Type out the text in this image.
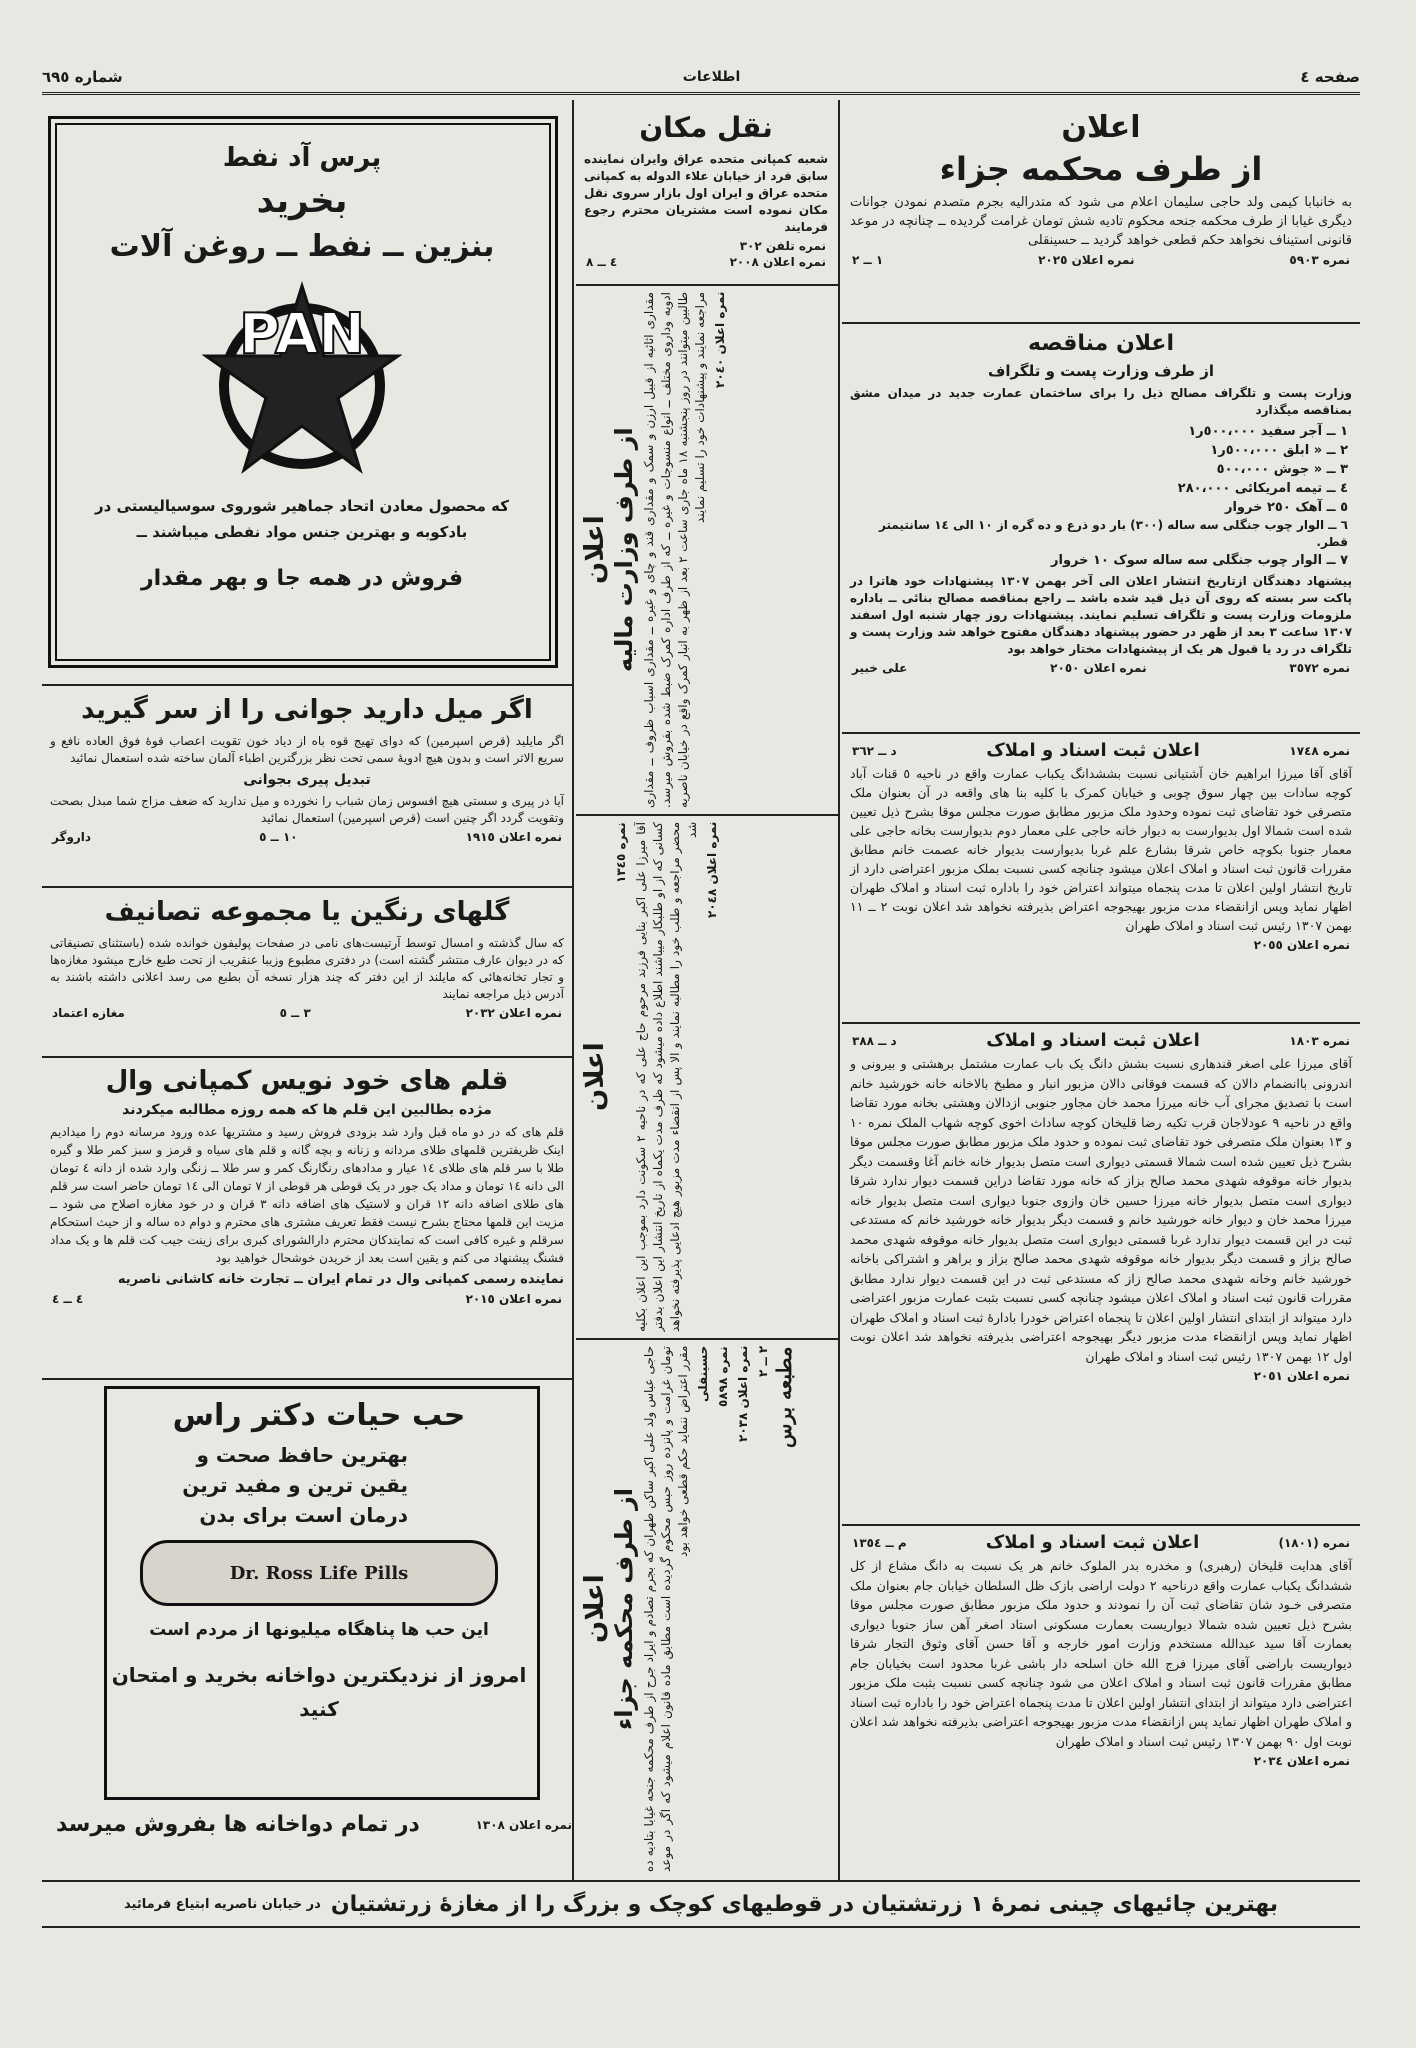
صفحه ٤
اطلاعات
شماره ٦٩٥

اعلان

از طرف محکمه جزاء

به خانبابا کیمی ولد حاجی سلیمان اعلام می شود که متدرالیه بجرم متصدم نمودن جوانات دیگری غیابا از طرف محکمه جنحه محکوم تادیه شش تومان غرامت گردیده ــ چنانچه در موعد قانونی استیناف نخواهد حکم قطعی خواهد گردید ــ حسینقلی

نمره ٥٩٠٣
نمره اعلان ٢٠٢٥
١ ــ ٢

اعلان مناقصه

از طرف وزارت پست و تلگراف

وزارت پست و تلگراف مصالح ذیل را برای ساختمان عمارت جدید در میدان مشق بمناقصه میگذارد

١ ــ آجر سفید ٥٠٠،٠٠٠ر١
٢ ــ « ابلق ٥٠٠،٠٠٠ر١
٣ ــ « جوش ٥٠٠،٠٠٠
٤ ــ تیمه امریکائی ٢٨٠،٠٠٠
٥ ــ آهک ٢٥٠ خروار
٦ ــ الوار چوب جنگلی سه ساله (٣٠٠) بار دو ذرع و ده گره از ١٠ الی ١٤ سانتیمتر قطر.
٧ ــ الوار چوب جنگلی سه ساله سوک ١٠ خروار

پیشنهاد دهندگان ازتاریخ انتشار اعلان الی آخر بهمن ١٣٠٧ پیشنهادات خود هاترا در پاکت سر بسته که روی آن ذیل قید شده باشد ــ راجع بمناقصه مصالح بنائی ــ باداره ملزومات وزارت پست و تلگراف تسلیم نمایند. پیشنهادات روز چهار شنبه اول اسفند ١٣٠٧ ساعت ٣ بعد از ظهر در حضور پیشنهاد دهندگان مفتوح خواهد شد وزارت پست و تلگراف در رد یا قبول هر یک از پیشنهادات مختار خواهد بود

نمره ٣٥٧٢
نمره اعلان ٢٠٥٠
علی خبیر
نمره ١٧٤٨
اعلان ثبت اسناد و املاک
د ــ ٣٦٢

آقای آقا میرزا ابراهیم خان آشتیانی نسبت بششدانگ یکباب عمارت واقع در ناحیه ٥ قنات آباد کوچه سادات بین چهار سوق چوبی و خیابان کمرک با کلیه بنا های واقعه در آن بعنوان ملک متصرفی خود تقاضای ثبت نموده وحدود ملک مزبور مطابق صورت مجلس موقا بشرح ذیل تعیین شده است شمالا اول بدیوارست به دیوار خانه حاجی علی معمار دوم بدیوارست بخانه حاجی علی معمار جنوبا بکوچه خاص شرقا بشارع علم غربا بدیوارست بدیوار خانه عصمت خانم مطابق مقررات قانون ثبت اسناد و املاک اعلان میشود چنانچه کسی نسبت بملک مزبور اعتراضی دارد از تاریخ انتشار اولین اعلان تا مدت پنجماه میتواند اعتراض خود را باداره ثبت اسناد و املاک طهران اظهار نماید وپس ازانقضاء مدت مزبور بهیجوجه اعتراض بذیرفته نخواهد شد اعلان نوبت ٢ ــ ١١ بهمن ١٣٠٧ رئیس ثبت اسناد و املاک طهران

نمره اعلان ٢٠٥٥
نمره ١٨٠٣
اعلان ثبت اسناد و املاک
د ــ ٣٨٨

آقای میرزا علی اصغر قندهاری نسبت بشش دانگ یک باب عمارت مشتمل برهشتی و بیرونی و اندرونی باانضمام دالان که قسمت فوقانی دالان مزبور انبار و مطبخ بالاخانه خانه خورشید خانم است با تصدیق مجرای آب خانه میرزا محمد خان مجاور جنوبی ازدالان وهشتی بخانه مورد تقاضا واقع در ناحیه ٩ عودلاجان قرب تکیه رضا قلیخان کوچه ساداث اخوی کوچه شهاب الملک نمره ١٠ و ١٣ بعنوان ملک متصرفی خود تقاضای ثبت نموده و حدود ملک مزبور مطابق صورت مجلس موقا بشرح ذیل تعیین شده است شمالا قسمتی دیواری است متصل بدیوار خانه خانم آغا وقسمت دیگر بدیوار خانه موقوفه شهدی محمد صالح بزاز که خانه مورد تقاضا دراین قسمت دیوار ندارد شرقا دیواری است متصل بدیوار خانه میرزا حسین خان وازوی جنوبا دیواری است متصل بدیوار خانه میرزا محمد خان و دیوار خانه خورشید خانم و قسمت دیگر بدیوار خانه خورشید خانم که مستدعی ثبت در این قسمت دیوار ندارد غربا قسمتی دیواری است متصل بدیوار خانه موقوفه شهدی محمد صالح بزاز و قسمت دیگر بدیوار خانه موقوفه شهدی محمد صالح بزاز و براهر و اشتراکی باخانه خورشید خانم وخانه شهدی محمد صالح زاز که مستدعی ثبت در این قسمت دیوار ندارد مطابق مقررات قانون ثبت اسناد و املاک اعلان میشود چنانچه کسی نسبت بثبت عمارت مزبور اعتراضی دارد میتواند از ابتدای انتشار اولین اعلان تا پنجماه اعتراض خودرا بادارهٔ ثبت اسناد و املاک طهران اظهار نماید وپس ازانقضاء مدت مزبور دیگر بهیجوجه اعتراضی بذیرفته نخواهد شد اعلان نوبت اول ١٢ بهمن ١٣٠٧ رئیس ثبت اسناد و املاک طهران

نمره اعلان ٢٠٥١
نمره (١٨٠١)
اعلان ثبت اسناد و املاک
م ــ ١٣٥٤

آقای هدایت قلیخان (رهبری) و مخدره بدر الملوک خانم هر یک نسبت به دانگ مشاع از کل ششدانگ یکباب عمارت واقع درناحیه ٢ دولت اراضی بازک ظل السلطان خیابان جام بعنوان ملک متصرفی خـود شان تقاضای ثبت آن را نمودند و حدود ملک مزبور مطابق صورت مجلس موقا بشرح ذیل تعیین شده شمالا دیواریست بعمارت مسکونی استاد اصغر آهن ساز جنوبا دیواری بعمارت آقا سید عبدالله مستخدم وزارت امور خارجه و آقا حسن آقای وثوق التجار شرقا دیواریست باراضی آقای میرزا فرج الله خان اسلحه دار باشی غربا محدود است بخیابان جام مطابق مقررات قانون ثبت اسناد و املاک اعلان می شود چنانچه کسی نسبت بثبت ملک مزبور اعتراضی دارد میتواند از ابتدای انتشار اولین اعلان تا مدت پنجماه اعتراض خود را باداره ثبت اسناد و املاک طهران اظهار نماید پس ازانقضاء مدت مزبور بهیجوجه اعتراضی بذیرفته نخواهد شد اعلان نوبت اول ٩٠ بهمن ١٣٠٧ رئیس ثبت اسناد و املاک طهران

نمره اعلان ٢٠٣٤

نقل مکان

شعبه کمپانی متحده عراق وایران نماینده سابق فرد از خیابان علاء الدوله به کمپانی متحده عراق و ایران اول بازار سروی نقل مکان نموده است مشتریان محترم رجوع فرمایند

نمره تلفن ٣٠٢
نمره اعلان ٢٠٠٨
٤ ــ ٨

اعلان از طرف وزارت مالیه مقداری اثاثیه از قبیل ارزن و سمک و مقداری قند و چای و غیره ــ مقداری اسباب ظروف ــ مقداری ادویه وداروی مختلف ــ انواع منسوجات و غیره ــ که از طرف اداره کمرک ضبط شده بفروش میرسد. طالبین میتوانند در روز پنجشنبه ١٨ ماه جاری ساعت ٢ بعد از ظهر به انبار کمرک واقع در خیابان ناصریه مراجعه نمایند و پیشنهادات خود را تسلیم نمایند نمره اعلان ٢٠٤٠

اعلان

نمره ١٣٤٥

آقا میرزا علی اکبر بنایی فرزند مرحوم حاج علی که در ناحیه ٢ سکونت دارد بموجب این اعلان بکلیه کسانی که از او طلبکار میباشند اطلاع داده میشود که ظرف مدت یکماه از تاریخ انتشار این اعلان بدفتر محضر مراجعه و طلب خود را مطالبه نمایند و الا پس از انقضاء مدت مزبور هیچ ادعایی پذیرفته نخواهد شد

نمره اعلان ٢٠٤٨

اعلان از طرف محکمه جزاء حاجی عباس ولد علی اکبر ساکن طهران که بجرم تصادم و ایراد جرح از طرف محکمه جنحه غیابا بتادیه ده تومان غرامت و پانزده روز حبس محکوم گردیده است مطابق ماده قانون اعلام میشود که اگر در موعد مقرر اعتراض ننماید حکم قطعی خواهد بود حسینقلی نمره ٥٨٩٨

نمره اعلان ٢٠٣٨ ٢ ــ ٢ مطبعه برس

پرس آد نفط

بخرید

بنزین ــ نفط ــ روغن آلات

PAN

که محصول معادن اتحاد جماهیر شوروی سوسیالیستی در بادکوبه و بهترین جنس مواد نفطی میباشند ــ

فروش در همه جا و بهر مقدار

اگر میل دارید جوانی را از سر گیرید

اگر مایلید (قرص اسپرمین) که دوای تهیج قوه باه از دیاد خون تقویت اعصاب قوهٔ فوق العاده نافع و سریع الاثر است و بدون هیچ ادویهٔ سمی تحت نظر بزرگترین اطباء آلمان ساخته شده استعمال نمائید

تبدیل پیری بجوانی

آیا در پیری و سستی هیچ افسوس زمان شباب را نخورده و میل ندارید که ضعف مزاج شما مبدل بصحت وتقویت گردد اگر چنین است (قرص اسپرمین) استعمال نمائید

نمره اعلان ١٩١٥
١٠ ــ ٥
داروگر

گلهای رنگین یا مجموعه تصانیف

که سال گذشته و امسال توسط آرتیست‌های نامی در صفحات پولیفون خوانده شده (باستثنای تصنیفاتی که در دیوان عارف منتشر گشته است) در دفتری مطبوع وزیبا عنقریب از تحت طبع خارج میشود مغازه‌ها و تجار تخانه‌هائی که مایلند از این دفتر که چند هزار نسخه آن بطبع می رسد اعلانی داشته باشند به آدرس ذیل مراجعه نمایند

نمره اعلان ٢٠٣٢
٣ ــ ٥
مغازه اعتماد

قلم های خود نویس کمپانی وال

مژده بطالبین این قلم ها که همه روزه مطالبه میکردند

قلم های که در دو ماه قبل وارد شد بزودی فروش رسید و مشتریها عده ورود مرسانه دوم را میدادیم اینک ظریفترین قلمهای طلای مردانه و زنانه و بچه گانه و قلم های سیاه و قرمز و سبز کمر طلا و گیره طلا با سر قلم های طلای ١٤ عیار و مدادهای رنگارنگ کمر و سر طلا ــ زنگی وارد شده از دانه ٤ تومان الی دانه ١٤ تومان و مداد یک جور در یک قوطی هر قوطی از ٧ تومان الی ١٤ تومان حاضر است سر قلم های طلای اضافه دانه ١٢ قران و لاستیک های اضافه دانه ٣ قران و در خود مغازه اصلاح می شود ــ مزیت این قلمها محتاج بشرح نیست فقط تعریف مشتری های محترم و دوام ده ساله و از حیث استحکام سرقلم و غیره کافی است که نمایندکان محترم دارالشورای کبری برای زینت جیب کت قلم ها و یک مداد فشنگ پیشنهاد می کنم و یقین است بعد از خریدن خوشحال خواهید بود

نماینده رسمی کمپانی وال در تمام ایران ــ تجارت خانه کاشانی ناصریه

نمره اعلان ٢٠١٥
٤ ــ ٤

حب حیات دکتر راس

بهترین حافظ صحت و

یقین ترین و مفید ترین

درمان است برای بدن

Dr. Ross Life Pills

این حب ها پناهگاه میلیونها از مردم است

امروز از نزدیکترین دواخانه بخرید و امتحان کنید

نمره اعلان ١٣٠٨
در تمام دواخانه ها بفروش میرسد
بهترین چائیهای چینی نمرهٔ ١ زرتشتیان در قوطیهای کوچک و بزرگ را از مغازهٔ زرتشتیان
در خیابان ناصریه ابتیاع فرمائید
